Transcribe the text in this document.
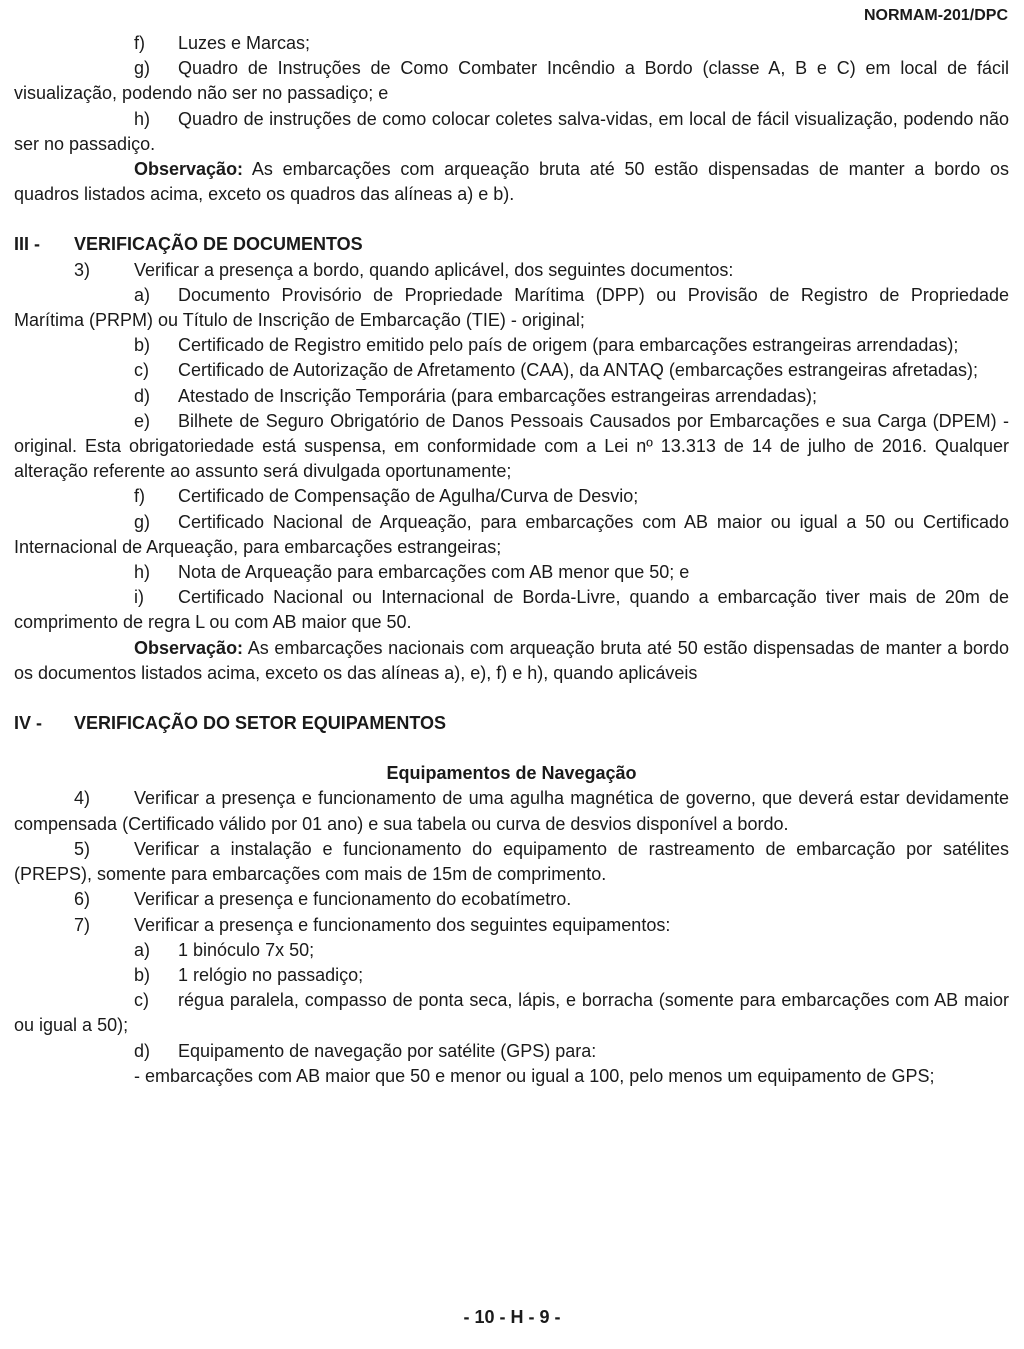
NORMAM-201/DPC

f) Luzes e Marcas;

g) Quadro de Instruções de Como Combater Incêndio a Bordo (classe A, B e C) em local de fácil visualização, podendo não ser no passadiço; e

h) Quadro de instruções de como colocar coletes salva-vidas, em local de fácil visualização, podendo não ser no passadiço.

Observação: As embarcações com arqueação bruta até 50 estão dispensadas de manter a bordo os quadros listados acima, exceto os quadros das alíneas a) e b).

III - VERIFICAÇÃO DE DOCUMENTOS

3) Verificar a presença a bordo, quando aplicável, dos seguintes documentos:

a) Documento Provisório de Propriedade Marítima (DPP) ou Provisão de Registro de Propriedade Marítima (PRPM) ou Título de Inscrição de Embarcação (TIE) - original;

b) Certificado de Registro emitido pelo país de origem (para embarcações estrangeiras arrendadas);

c) Certificado de Autorização de Afretamento (CAA), da ANTAQ (embarcações estrangeiras afretadas);

d) Atestado de Inscrição Temporária (para embarcações estrangeiras arrendadas);

e) Bilhete de Seguro Obrigatório de Danos Pessoais Causados por Embarcações e sua Carga (DPEM) - original. Esta obrigatoriedade está suspensa, em conformidade com a Lei nº 13.313 de 14 de julho de 2016. Qualquer alteração referente ao assunto será divulgada oportunamente;

f) Certificado de Compensação de Agulha/Curva de Desvio;

g) Certificado Nacional de Arqueação, para embarcações com AB maior ou igual a 50 ou Certificado Internacional de Arqueação, para embarcações estrangeiras;

h) Nota de Arqueação para embarcações com AB menor que 50; e

i) Certificado Nacional ou Internacional de Borda-Livre, quando a embarcação tiver mais de 20m de comprimento de regra L ou com AB maior que 50.

Observação: As embarcações nacionais com arqueação bruta até 50 estão dispensadas de manter a bordo os documentos listados acima, exceto os das alíneas a), e), f) e h), quando aplicáveis

IV - VERIFICAÇÃO DO SETOR EQUIPAMENTOS

Equipamentos de Navegação

4) Verificar a presença e funcionamento de uma agulha magnética de governo, que deverá estar devidamente compensada (Certificado válido por 01 ano) e sua tabela ou curva de desvios disponível a bordo.

5) Verificar a instalação e funcionamento do equipamento de rastreamento de embarcação por satélites (PREPS), somente para embarcações com mais de 15m de comprimento.

6) Verificar a presença e funcionamento do ecobatímetro.

7) Verificar a presença e funcionamento dos seguintes equipamentos:

a) 1 binóculo 7x 50;

b) 1 relógio no passadiço;

c) régua paralela, compasso de ponta seca, lápis, e borracha (somente para embarcações com AB maior ou igual a 50);

d) Equipamento de navegação por satélite (GPS) para:

- embarcações com AB maior que 50 e menor ou igual a 100, pelo menos um equipamento de GPS;

- 10 - H - 9 -
